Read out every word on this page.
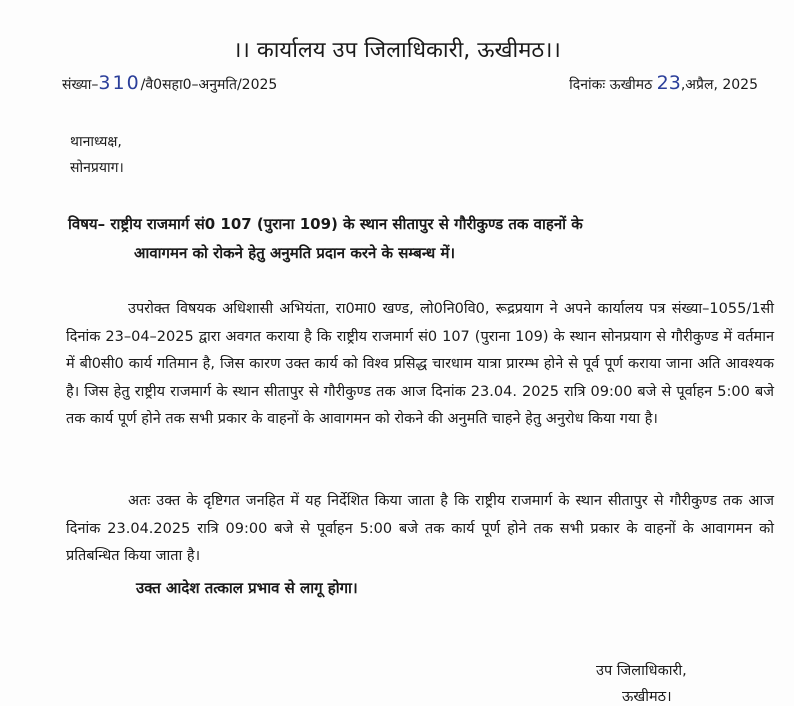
।। कार्यालय उप जिलाधिकारी, ऊखीमठ।।
संख्या–310/वै0सहा0–अनुमति/2025	दिनांकः ऊखीमठ 23,अप्रैल, 2025
थानाध्यक्ष,
सोनप्रयाग।
विषय– राष्ट्रीय राजमार्ग सं0 107 (पुराना 109) के स्थान सीतापुर से गौरीकुण्ड तक वाहनों के
आवागमन को रोकने हेतु अनुमति प्रदान करने के सम्बन्ध में।
उपरोक्त विषयक अधिशासी अभियंता, रा0मा0 खण्ड, लो0नि0वि0, रूद्रप्रयाग ने अपने कार्यालय पत्र संख्या–1055/1सी दिनांक 23–04–2025 द्वारा अवगत कराया है कि राष्ट्रीय राजमार्ग सं0 107 (पुराना 109) के स्थान सोनप्रयाग से गौरीकुण्ड में वर्तमान में बी0सी0 कार्य गतिमान है, जिस कारण उक्त कार्य को विश्व प्रसिद्ध चारधाम यात्रा प्रारम्भ होने से पूर्व पूर्ण कराया जाना अति आवश्यक है। जिस हेतु राष्ट्रीय राजमार्ग के स्थान सीतापुर से गौरीकुण्ड तक आज दिनांक 23.04. 2025 रात्रि 09:00 बजे से पूर्वाहन 5:00 बजे तक कार्य पूर्ण होने तक सभी प्रकार के वाहनों के आवागमन को रोकने की अनुमति चाहने हेतु अनुरोध किया गया है।
अतः उक्त के दृष्टिगत जनहित में यह निर्देशित किया जाता है कि राष्ट्रीय राजमार्ग के स्थान सीतापुर से गौरीकुण्ड तक आज दिनांक 23.04.2025 रात्रि 09:00 बजे से पूर्वाहन 5:00 बजे तक कार्य पूर्ण होने तक सभी प्रकार के वाहनों के आवागमन को प्रतिबन्धित किया जाता है।
उक्त आदेश तत्काल प्रभाव से लागू होगा।
उप जिलाधिकारी,
ऊखीमठ।
